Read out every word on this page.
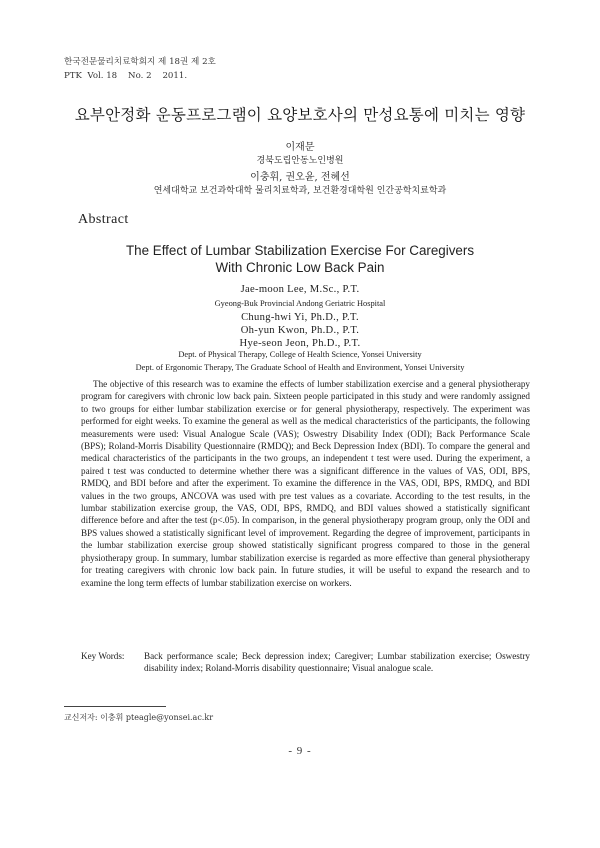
한국전문물리치료학회지 제 18권 제 2호
PTK  Vol. 18    No. 2    2011.
요부안정화 운동프로그램이 요양보호사의 만성요통에 미치는 영향
이재문
경북도립안동노인병원
이충휘, 권오윤, 전혜선
연세대학교 보건과학대학 물리치료학과, 보건환경대학원 인간공학치료학과
Abstract
The Effect of Lumbar Stabilization Exercise For Caregivers
With Chronic Low Back Pain
Jae-moon Lee, M.Sc., P.T.
Gyeong-Buk Provincial Andong Geriatric Hospital
Chung-hwi Yi, Ph.D., P.T.
Oh-yun Kwon, Ph.D., P.T.
Hye-seon Jeon, Ph.D., P.T.
Dept. of Physical Therapy, College of Health Science, Yonsei University
Dept. of Ergonomic Therapy, The Graduate School of Health and Environment, Yonsei University

The objective of this research was to examine the effects of lumber stabilization exercise and a general physiotherapy program for caregivers with chronic low back pain. Sixteen people participated in this study and were randomly assigned to two groups for either lumbar stabilization exercise or for general physiotherapy, respectively. The experiment was performed for eight weeks. To examine the general as well as the medical characteristics of the participants, the following measurements were used: Visual Analogue Scale (VAS); Oswestry Disability Index (ODI); Back Performance Scale (BPS); Roland-Morris Disability Questionnaire (RMDQ); and Beck Depression Index (BDI). To compare the general and medical characteristics of the participants in the two groups, an independent t test were used. During the experiment, a paired t test was conducted to determine whether there was a significant difference in the values of VAS, ODI, BPS, RMDQ, and BDI before and after the experiment. To examine the difference in the VAS, ODI, BPS, RMDQ, and BDI values in the two groups, ANCOVA was used with pre test values as a covariate. According to the test results, in the lumbar stabilization exercise group, the VAS, ODI, BPS, RMDQ, and BDI values showed a statistically significant difference before and after the test (p<.05). In comparison, in the general physiotherapy program group, only the ODI and BPS values showed a statistically significant level of improvement. Regarding the degree of improvement, participants in the lumbar stabilization exercise group showed statistically significant progress compared to those in the general physiotherapy group. In summary, lumbar stabilization exercise is regarded as more effective than general physiotherapy for treating caregivers with chronic low back pain. In future studies, it will be useful to expand the research and to examine the long term effects of lumbar stabilization exercise on workers.

Key Words: Back performance scale; Beck depression index; Caregiver; Lumbar stabilization exercise; Oswestry disability index; Roland-Morris disability questionnaire; Visual analogue scale.
교신저자: 이충휘 pteagle@yonsei.ac.kr
- 9 -
